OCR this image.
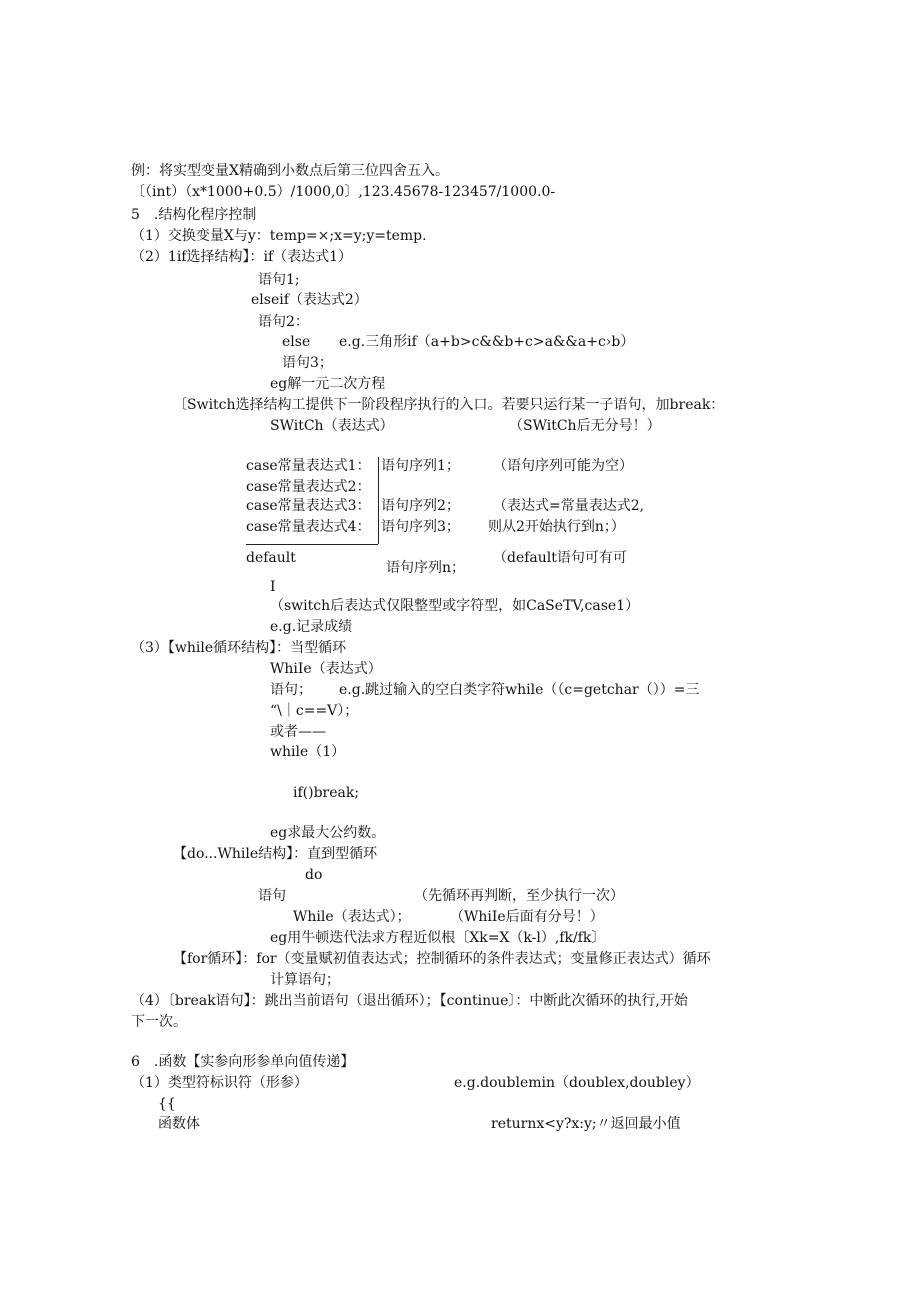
例：将实型变量X精确到小数点后第三位四舍五入。
〔（int）（x*1000+0.5）/1000,0〕,123.45678-123457/1000.0-
5　.结构化程序控制
（1）交换变量X与y：temp=×;x=y;y=temp.
（2）1if选择结构】：if（表达式1）
语句1;
elseif（表达式2）
语句2：
else e.g.三角形if（a+b>c&&b+c>a&&a+c›b）
语句3；
eg解一元二次方程
〔Switch选择结构工提供下一阶段程序执行的入口。若要只运行某一子语句，加break：
SWitCh（表达式）	（SWitCh后无分号！）
case常量表达式1： 语句序列1； （语句序列可能为空）
case常量表达式2：
case常量表达式3： 语句序列2； （表达式=常量表达式2,
case常量表达式4： 语句序列3； 则从2开始执行到n；）
default	（default语句可有可
语句序列n；
I
（switch后表达式仅限整型或字符型，如CaSeTV,case1）
e.g.记录成绩
（3）【while循环结构】：当型循环
WhiIe（表达式）
语句； e.g.跳过输入的空白类字符while（（c=getchar（））=三
“\｜c==V）；
或者——
while（1）
if()break;
eg求最大公约数。
【do...While结构】：直到型循环
do
语句	（先循环再判断，至少执行一次）
While（表达式）；	（WhiIe后面有分号！）
eg用牛顿迭代法求方程近似根〔Xk=X（k-l）,fk/fk〕
【for循环】：for（变量赋初值表达式；控制循环的条件表达式；变量修正表达式）循环
计算语句；
（4）〔break语句】：跳出当前语句（退出循环）；【continue〕：中断此次循环的执行,开始
下一次。
6　.函数【实参向形参单向值传递】
（1）类型符标识符（形参）	e.g.doublemin（doublex,doubley）
{{
函数体	returnx<y?x:y;〃返回最小值
